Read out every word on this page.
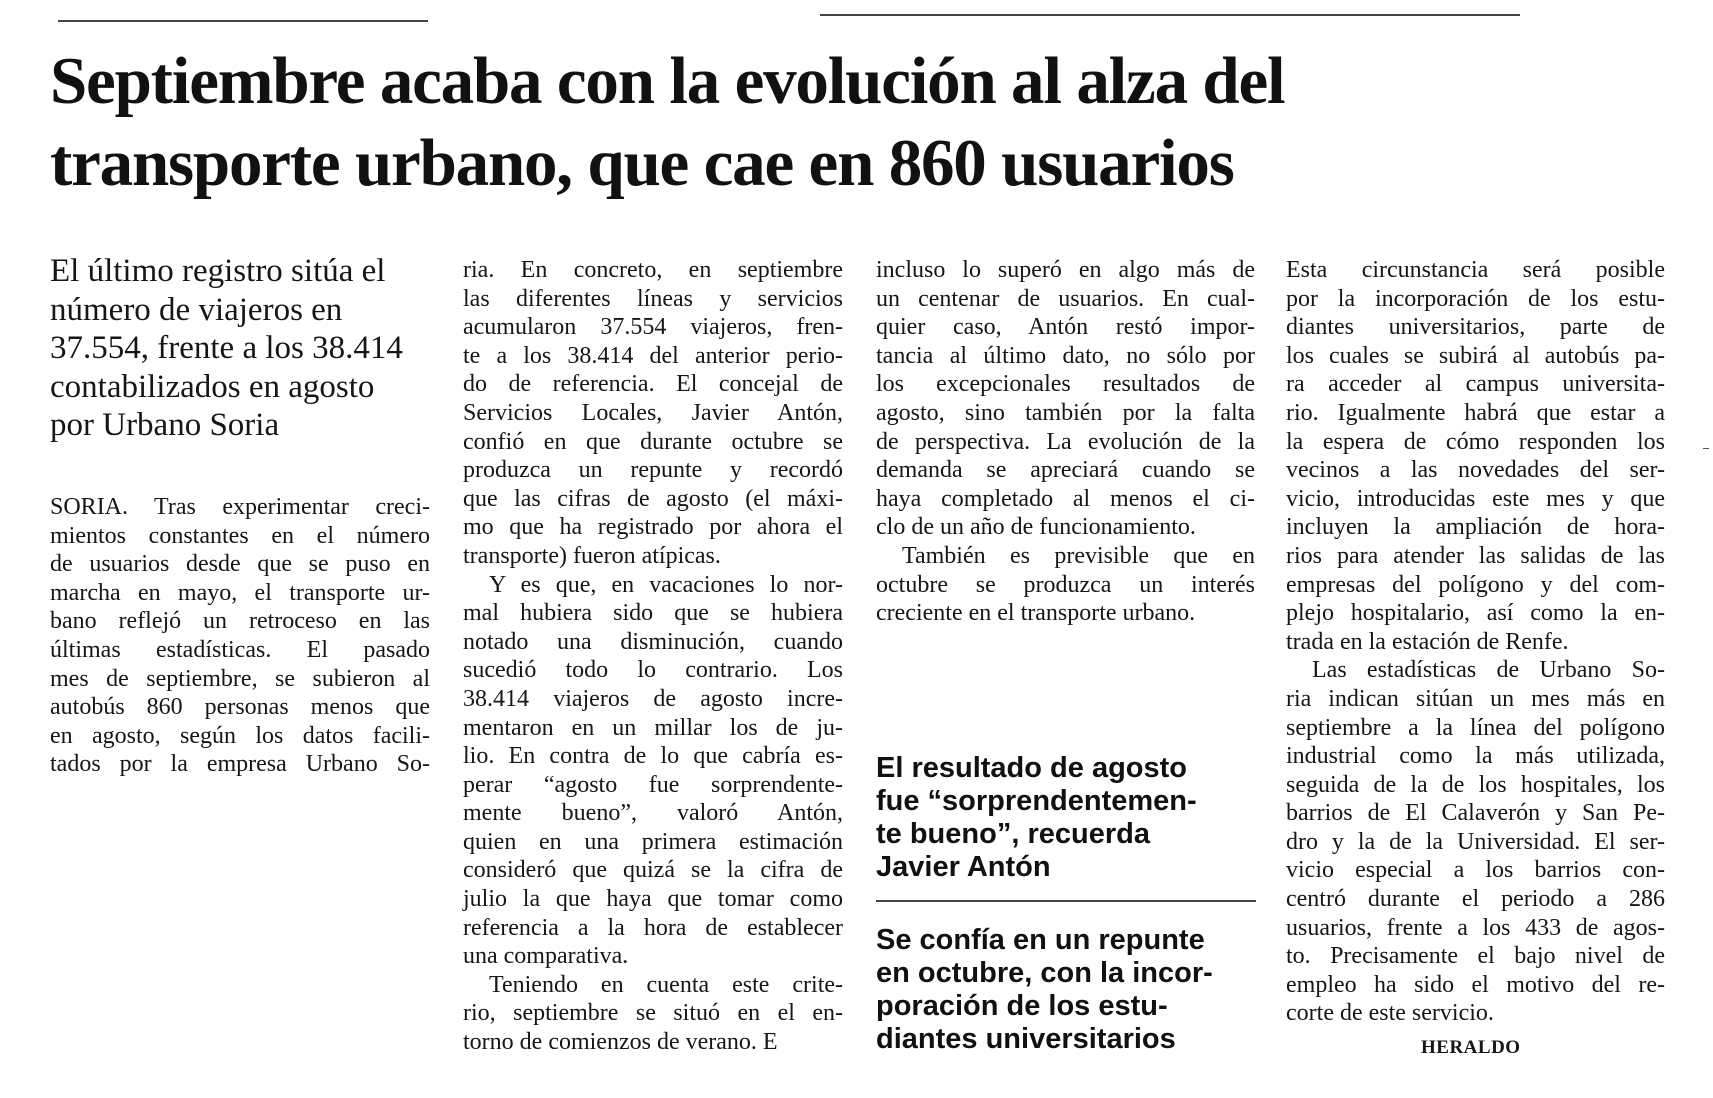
Septiembre acaba con la evolución al alza del
transporte urbano, que cae en 860 usuarios
El último registro sitúa el
número de viajeros en
37.554, frente a los 38.414
contabilizados en agosto
por Urbano Soria
SORIA. Tras experimentar creci-
mientos constantes en el número
de usuarios desde que se puso en
marcha en mayo, el transporte ur-
bano reflejó un retroceso en las
últimas estadísticas. El pasado
mes de septiembre, se subieron al
autobús 860 personas menos que
en agosto, según los datos facili-
tados por la empresa Urbano So-
ria. En concreto, en septiembre
las diferentes líneas y servicios
acumularon 37.554 viajeros, fren-
te a los 38.414 del anterior perio-
do de referencia. El concejal de
Servicios Locales, Javier Antón,
confió en que durante octubre se
produzca un repunte y recordó
que las cifras de agosto (el máxi-
mo que ha registrado por ahora el
transporte) fueron atípicas.
Y es que, en vacaciones lo nor-
mal hubiera sido que se hubiera
notado una disminución, cuando
sucedió todo lo contrario. Los
38.414 viajeros de agosto incre-
mentaron en un millar los de ju-
lio. En contra de lo que cabría es-
perar “agosto fue sorprendente-
mente bueno”, valoró Antón,
quien en una primera estimación
consideró que quizá se la cifra de
julio la que haya que tomar como
referencia a la hora de establecer
una comparativa.
Teniendo en cuenta este crite-
rio, septiembre se situó en el en-
torno de comienzos de verano. E
incluso lo superó en algo más de
un centenar de usuarios. En cual-
quier caso, Antón restó impor-
tancia al último dato, no sólo por
los excepcionales resultados de
agosto, sino también por la falta
de perspectiva. La evolución de la
demanda se apreciará cuando se
haya completado al menos el ci-
clo de un año de funcionamiento.
También es previsible que en
octubre se produzca un interés
creciente en el transporte urbano.
Esta circunstancia será posible
por la incorporación de los estu-
diantes universitarios, parte de
los cuales se subirá al autobús pa-
ra acceder al campus universita-
rio. Igualmente habrá que estar a
la espera de cómo responden los
vecinos a las novedades del ser-
vicio, introducidas este mes y que
incluyen la ampliación de hora-
rios para atender las salidas de las
empresas del polígono y del com-
plejo hospitalario, así como la en-
trada en la estación de Renfe.
Las estadísticas de Urbano So-
ria indican sitúan un mes más en
septiembre a la línea del polígono
industrial como la más utilizada,
seguida de la de los hospitales, los
barrios de El Calaverón y San Pe-
dro y la de la Universidad. El ser-
vicio especial a los barrios con-
centró durante el periodo a 286
usuarios, frente a los 433 de agos-
to. Precisamente el bajo nivel de
empleo ha sido el motivo del re-
corte de este servicio.
El resultado de agosto
fue “sorprendentemen-
te bueno”, recuerda
Javier Antón
Se confía en un repunte
en octubre, con la incor-
poración de los estu-
diantes universitarios	HERALDO
